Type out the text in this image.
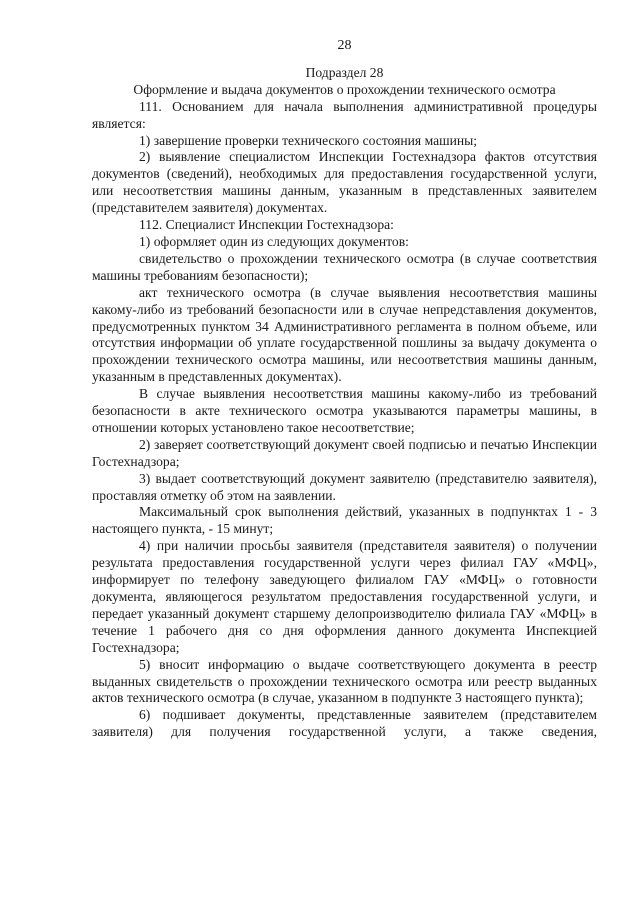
28

Подраздел 28

Оформление и выдача документов о прохождении технического осмотра

111. Основанием для начала выполнения административной процедуры является:

1) завершение проверки технического состояния машины;

2) выявление специалистом Инспекции Гостехнадзора фактов отсутствия документов (сведений), необходимых для предоставления государственной услуги, или несоответствия машины данным, указанным в представленных заявителем (представителем заявителя) документах.

112. Специалист Инспекции Гостехнадзора:

1) оформляет один из следующих документов:

свидетельство о прохождении технического осмотра (в случае соответствия машины требованиям безопасности);

акт технического осмотра (в случае выявления несоответствия машины какому-либо из требований безопасности или в случае непредставления документов, предусмотренных пунктом 34 Административного регламента в полном объеме, или отсутствия информации об уплате государственной пошлины за выдачу документа о прохождении технического осмотра машины, или несоответствия машины данным, указанным в представленных документах).

В случае выявления несоответствия машины какому-либо из требований безопасности в акте технического осмотра указываются параметры машины, в отношении которых установлено такое несоответствие;

2) заверяет соответствующий документ своей подписью и печатью Инспекции Гостехнадзора;

3) выдает соответствующий документ заявителю (представителю заявителя), проставляя отметку об этом на заявлении.

Максимальный срок выполнения действий, указанных в подпунктах 1 - 3 настоящего пункта, - 15 минут;

4) при наличии просьбы заявителя (представителя заявителя) о получении результата предоставления государственной услуги через филиал ГАУ «МФЦ», информирует по телефону заведующего филиалом ГАУ «МФЦ» о готовности документа, являющегося результатом предоставления государственной услуги, и передает указанный документ старшему делопроизводителю филиала ГАУ «МФЦ» в течение 1 рабочего дня со дня оформления данного документа Инспекцией Гостехнадзора;

5) вносит информацию о выдаче соответствующего документа в реестр выданных свидетельств о прохождении технического осмотра или реестр выданных актов технического осмотра (в случае, указанном в подпункте 3 настоящего пункта);

6) подшивает документы, представленные заявителем (представителем заявителя) для получения государственной услуги, а также сведения,
